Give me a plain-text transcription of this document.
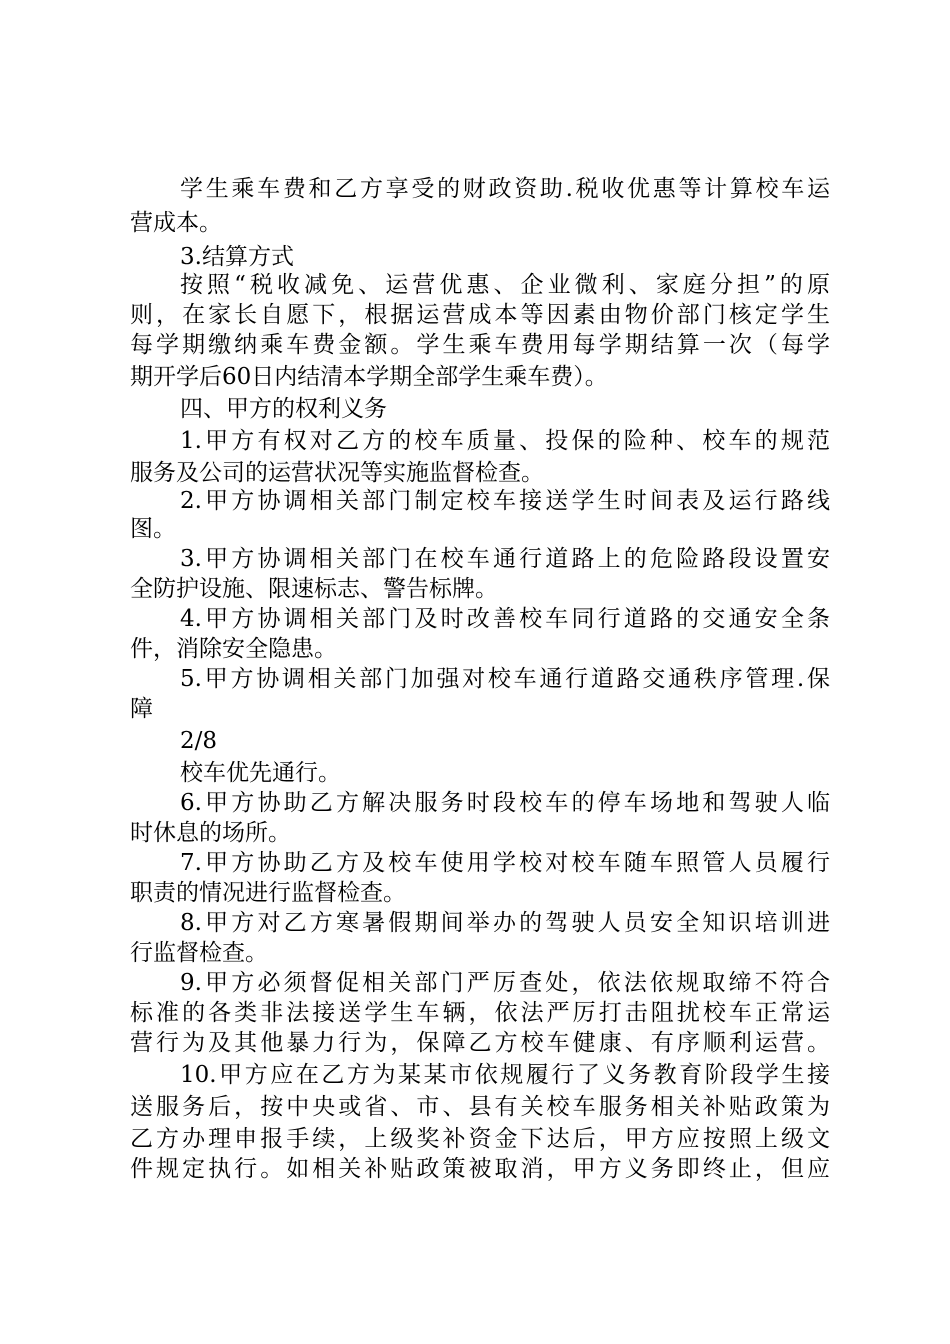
学生乘车费和乙方享受的财政资助.税收优惠等计算校车运
营成本。
3.结算方式
按照“税收减免、运营优惠、企业微利、家庭分担”的原
则，在家长自愿下，根据运营成本等因素由物价部门核定学生
每学期缴纳乘车费金额。学生乘车费用每学期结算一次（每学
期开学后60日内结清本学期全部学生乘车费）。
四、甲方的权利义务
1.甲方有权对乙方的校车质量、投保的险种、校车的规范
服务及公司的运营状况等实施监督检查。
2.甲方协调相关部门制定校车接送学生时间表及运行路线
图。
3.甲方协调相关部门在校车通行道路上的危险路段设置安
全防护设施、限速标志、警告标牌。
4.甲方协调相关部门及时改善校车同行道路的交通安全条
件，消除安全隐患。
5.甲方协调相关部门加强对校车通行道路交通秩序管理.保
障
2/8
校车优先通行。
6.甲方协助乙方解决服务时段校车的停车场地和驾驶人临
时休息的场所。
7.甲方协助乙方及校车使用学校对校车随车照管人员履行
职责的情况进行监督检查。
8.甲方对乙方寒暑假期间举办的驾驶人员安全知识培训进
行监督检查。
9.甲方必须督促相关部门严厉查处，依法依规取缔不符合
标准的各类非法接送学生车辆，依法严厉打击阻扰校车正常运
营行为及其他暴力行为，保障乙方校车健康、有序顺利运营。
10.甲方应在乙方为某某市依规履行了义务教育阶段学生接
送服务后，按中央或省、市、县有关校车服务相关补贴政策为
乙方办理申报手续，上级奖补资金下达后，甲方应按照上级文
件规定执行。如相关补贴政策被取消，甲方义务即终止，但应
